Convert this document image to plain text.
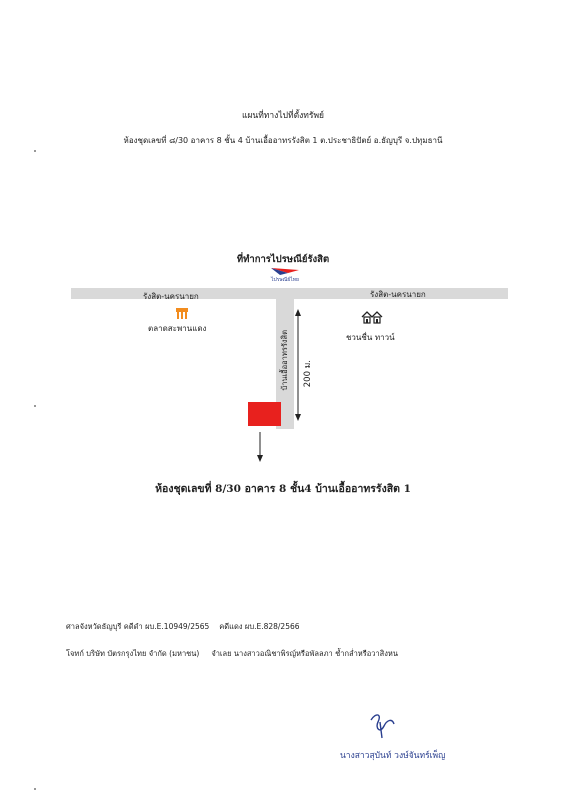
แผนที่ทางไปที่ตั้งทรัพย์
ห้องชุดเลขที่ ๘/30 อาคาร 8 ชั้น 4 บ้านเอื้ออาทรรังสิต 1 ต.ประชาธิปัตย์ อ.ธัญบุรี จ.ปทุมธานี
ที่ทำการไปรษณีย์รังสิต
ไปรษณีย์ไทย
รังสิต-นครนายก	รังสิต-นครนายก
บ้านเอื้ออาทรรังสิต 200 ม.
ตลาดสะพานแดง
ชวนชื่น ทาวน์
ห้องชุดเลขที่ 8/30 อาคาร 8 ชั้น4 บ้านเอื้ออาทรรังสิต 1
ศาลจังหวัดธัญบุรี คดีดำ ผบ.E.10949/2565 คดีแดง ผบ.E.828/2566
โจทก์ บริษัท บัตรกรุงไทย จำกัด (มหาชน) จำเลย นางสาวอณิชาพิรญ์หรือพัลลภา ช้ำกล่ำหรือวาสิงหน
นางสาวสุบันท์ วงษ์จันทร์เพ็ญ
